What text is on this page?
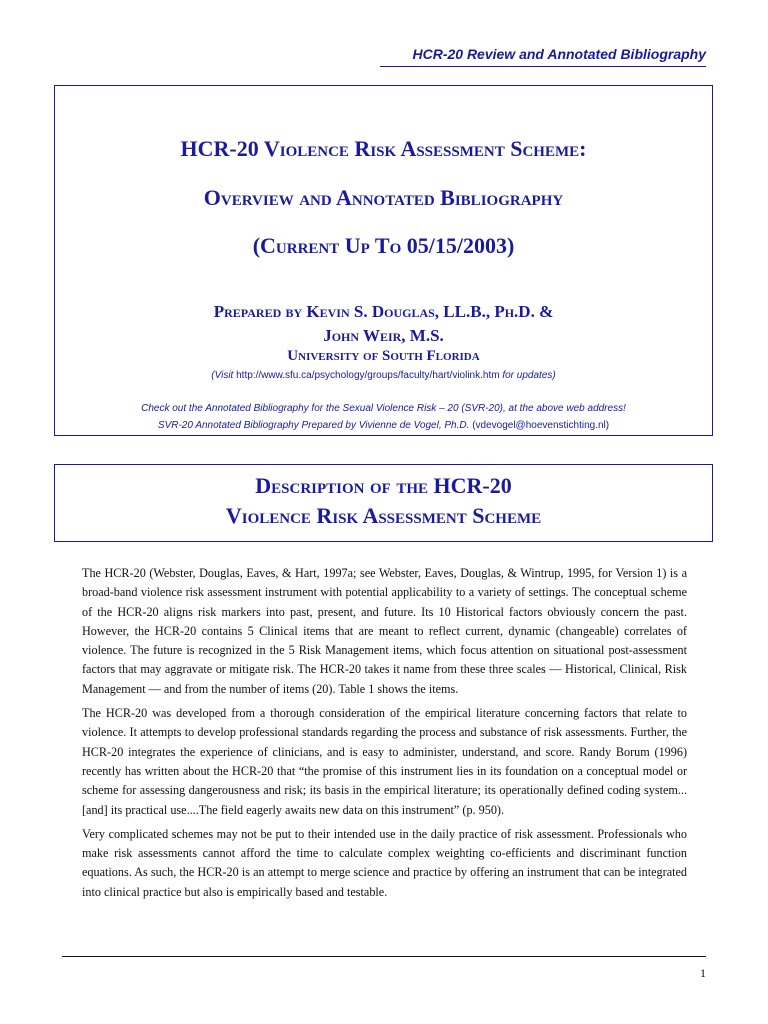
HCR-20 Review and Annotated Bibliography
HCR-20 Violence Risk Assessment Scheme:
Overview and Annotated Bibliography
(Current Up To 05/15/2003)
Prepared by Kevin S. Douglas, LL.B., Ph.D. &
John Weir, M.S.
University of South Florida
(Visit http://www.sfu.ca/psychology/groups/faculty/hart/violink.htm for updates)
Check out the Annotated Bibliography for the Sexual Violence Risk – 20 (SVR-20), at the above web address!
SVR-20 Annotated Bibliography Prepared by Vivienne de Vogel, Ph.D. (vdevogel@hoevenstichting.nl)
Description of the HCR-20
Violence Risk Assessment Scheme

The HCR-20 (Webster, Douglas, Eaves, & Hart, 1997a; see Webster, Eaves, Douglas, & Wintrup, 1995, for Version 1) is a broad-band violence risk assessment instrument with potential applicability to a variety of settings. The conceptual scheme of the HCR-20 aligns risk markers into past, present, and future. Its 10 Historical factors obviously concern the past. However, the HCR-20 contains 5 Clinical items that are meant to reflect current, dynamic (changeable) correlates of violence. The future is recognized in the 5 Risk Management items, which focus attention on situational post-assessment factors that may aggravate or mitigate risk. The HCR-20 takes it name from these three scales — Historical, Clinical, Risk Management — and from the number of items (20). Table 1 shows the items.

The HCR-20 was developed from a thorough consideration of the empirical literature concerning factors that relate to violence. It attempts to develop professional standards regarding the process and substance of risk assessments. Further, the HCR-20 integrates the experience of clinicians, and is easy to administer, understand, and score. Randy Borum (1996) recently has written about the HCR-20 that “the promise of this instrument lies in its foundation on a conceptual model or scheme for assessing dangerousness and risk; its basis in the empirical literature; its operationally defined coding system...[and] its practical use....The field eagerly awaits new data on this instrument” (p. 950).

Very complicated schemes may not be put to their intended use in the daily practice of risk assessment. Professionals who make risk assessments cannot afford the time to calculate complex weighting co-efficients and discriminant function equations. As such, the HCR-20 is an attempt to merge science and practice by offering an instrument that can be integrated into clinical practice but also is empirically based and testable.

1
